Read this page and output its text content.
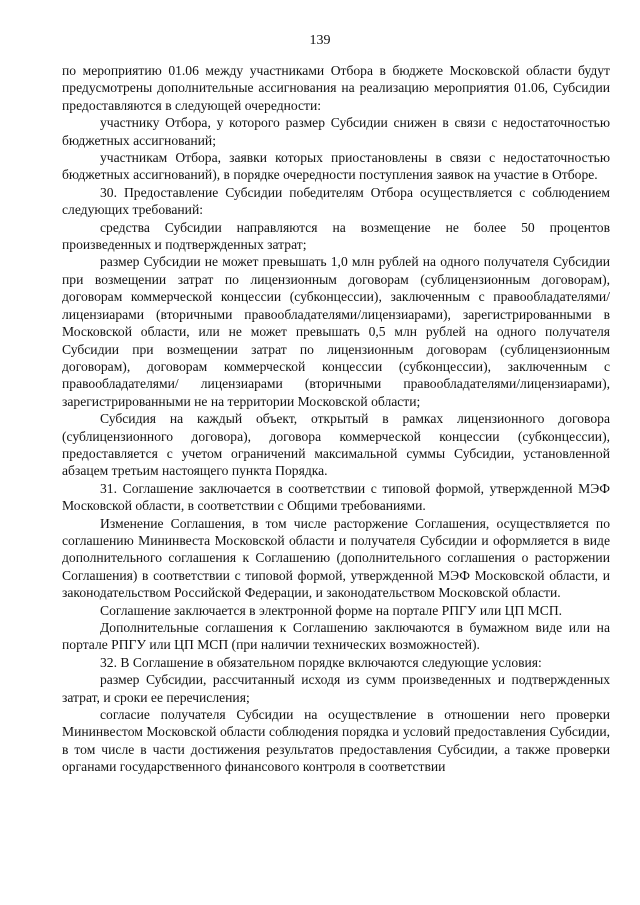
139

по мероприятию 01.06 между участниками Отбора в бюджете Московской области будут предусмотрены дополнительные ассигнования на реализацию мероприятия 01.06, Субсидии предоставляются в следующей очередности:

участнику Отбора, у которого размер Субсидии снижен в связи с недостаточностью бюджетных ассигнований;

участникам Отбора, заявки которых приостановлены в связи с недостаточностью бюджетных ассигнований), в порядке очередности поступления заявок на участие в Отборе.

30. Предоставление Субсидии победителям Отбора осуществляется с соблюдением следующих требований:

средства Субсидии направляются на возмещение не более 50 процентов произведенных и подтвержденных затрат;

размер Субсидии не может превышать 1,0 млн рублей на одного получателя Субсидии при возмещении затрат по лицензионным договорам (сублицензионным договорам), договорам коммерческой концессии (субконцессии), заключенным с правообладателями/лицензиарами (вторичными правообладателями/лицензиарами), зарегистрированными в Московской области, или не может превышать 0,5 млн рублей на одного получателя Субсидии при возмещении затрат по лицензионным договорам (сублицензионным договорам), договорам коммерческой концессии (субконцессии), заключенным с правообладателями/ лицензиарами (вторичными правообладателями/лицензиарами), зарегистрированными не на территории Московской области;

Субсидия на каждый объект, открытый в рамках лицензионного договора (сублицензионного договора), договора коммерческой концессии (субконцессии), предоставляется с учетом ограничений максимальной суммы Субсидии, установленной абзацем третьим настоящего пункта Порядка.

31. Соглашение заключается в соответствии с типовой формой, утвержденной МЭФ Московской области, в соответствии с Общими требованиями.

Изменение Соглашения, в том числе расторжение Соглашения, осуществляется по соглашению Мининвеста Московской области и получателя Субсидии и оформляется в виде дополнительного соглашения к Соглашению (дополнительного соглашения о расторжении Соглашения) в соответствии с типовой формой, утвержденной МЭФ Московской области, и законодательством Российской Федерации, и законодательством Московской области.

Соглашение заключается в электронной форме на портале РПГУ или ЦП МСП.

Дополнительные соглашения к Соглашению заключаются в бумажном виде или на портале РПГУ или ЦП МСП (при наличии технических возможностей).

32. В Соглашение в обязательном порядке включаются следующие условия:

размер Субсидии, рассчитанный исходя из сумм произведенных и подтвержденных затрат, и сроки ее перечисления;

согласие получателя Субсидии на осуществление в отношении него проверки Мининвестом Московской области соблюдения порядка и условий предоставления Субсидии, в том числе в части достижения результатов предоставления Субсидии, а также проверки органами государственного финансового контроля в соответствии
